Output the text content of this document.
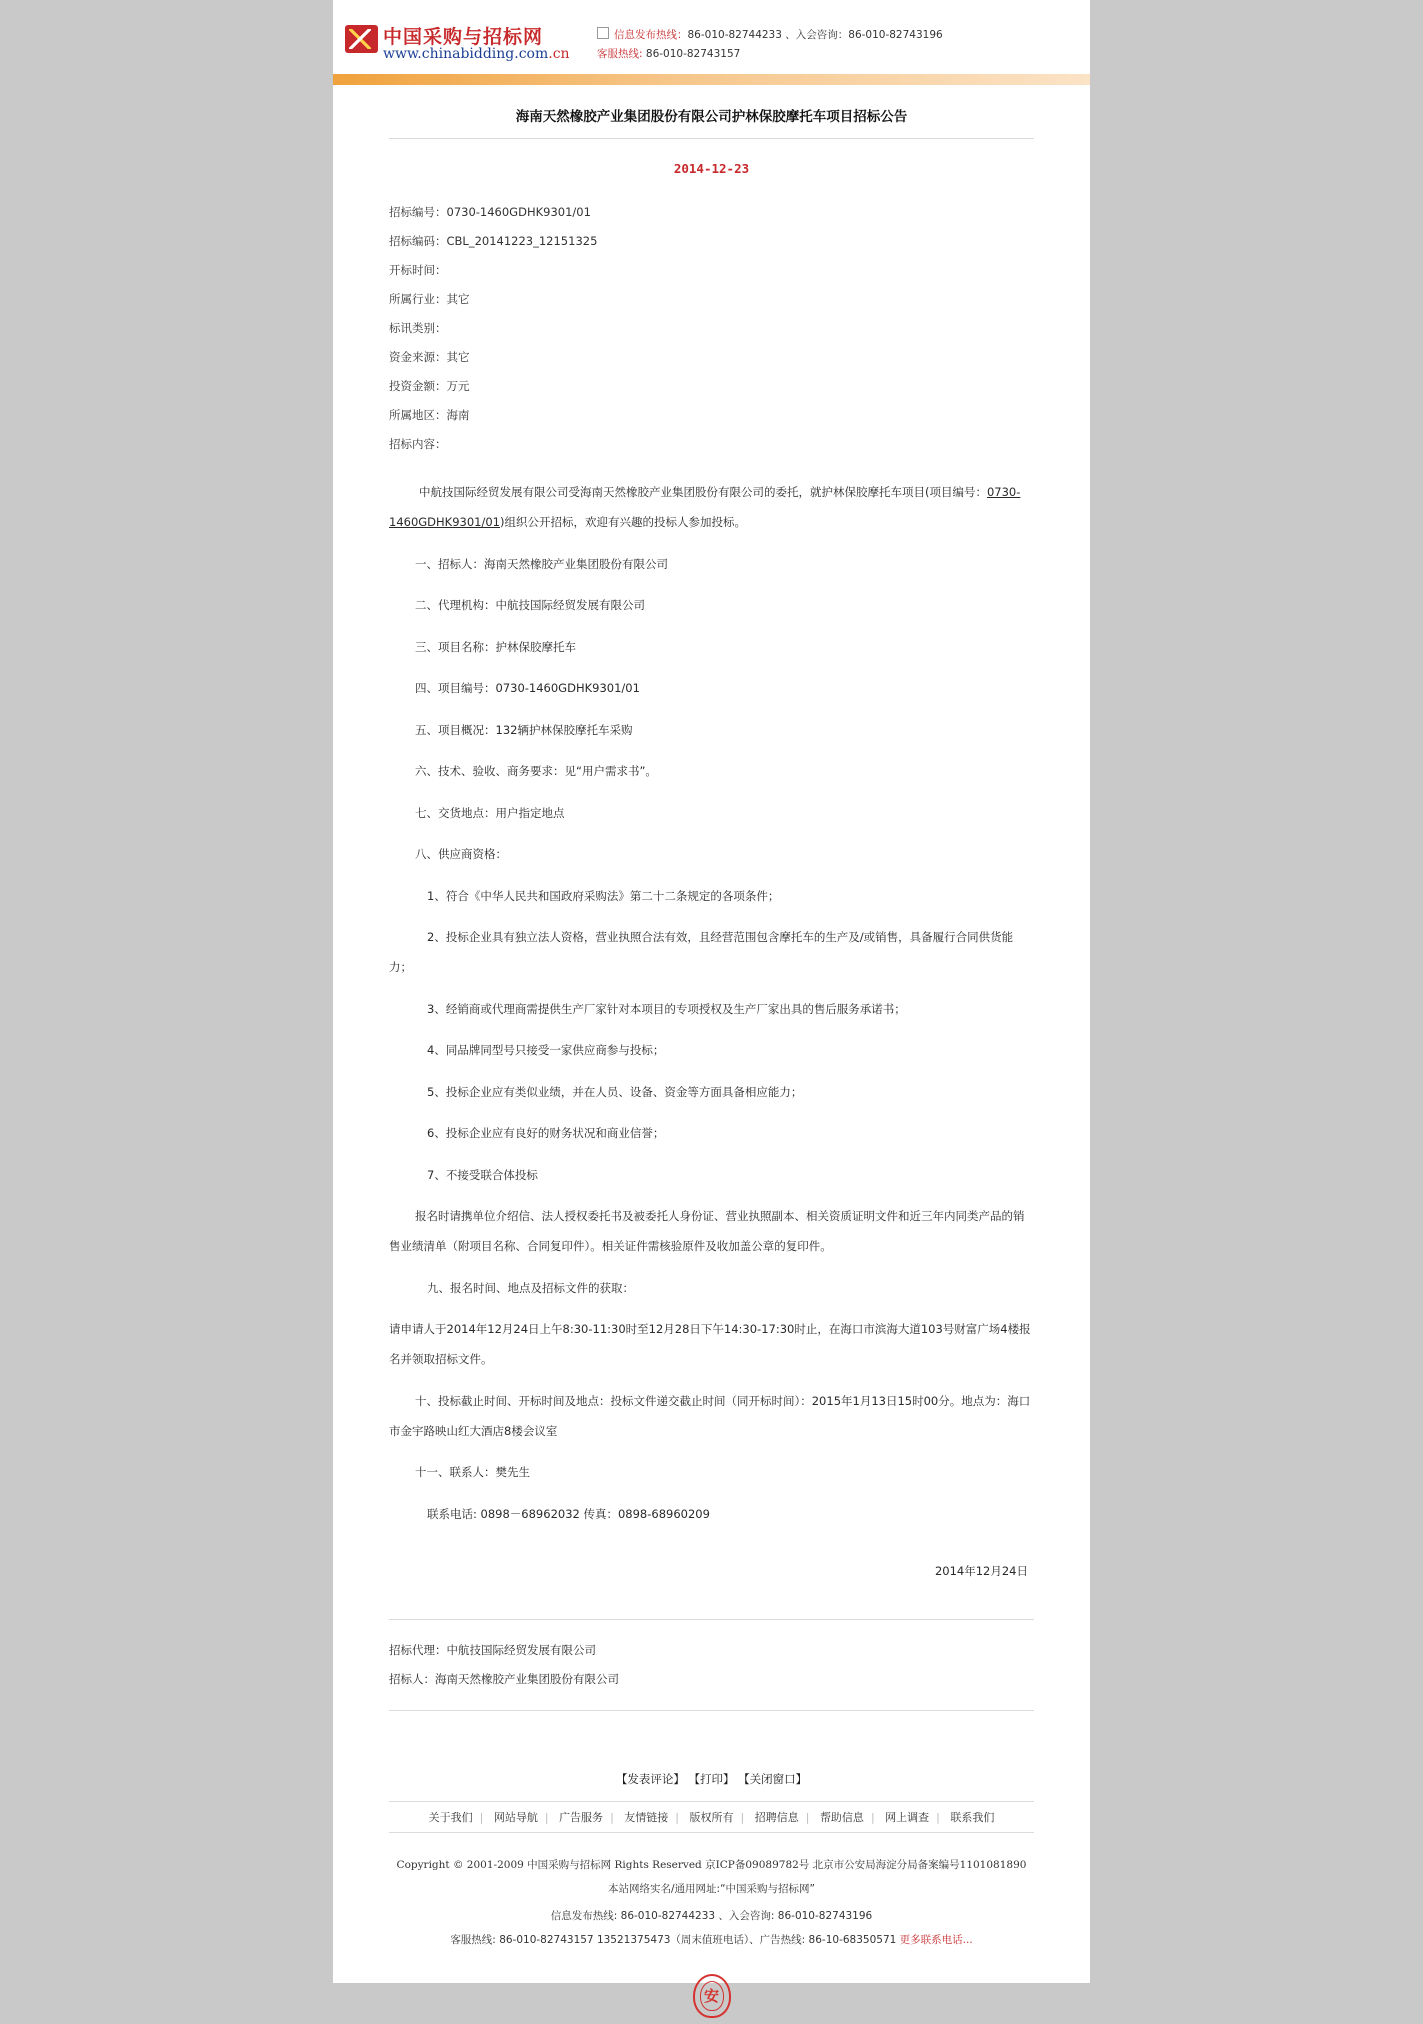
中国采购与招标网
www.chinabidding.com.cn
信息发布热线：86-010-82744233 、入会咨询：86-010-82743196
客服热线: 86-010-82743157
海南天然橡胶产业集团股份有限公司护林保胶摩托车项目招标公告
2014-12-23
招标编号：0730-1460GDHK9301/01
招标编码：CBL_20141223_12151325
开标时间：
所属行业：其它
标讯类别：
资金来源：其它
投资金额：万元
所属地区：海南
招标内容：

中航技国际经贸发展有限公司受海南天然橡胶产业集团股份有限公司的委托，就护林保胶摩托车项目(项目编号：0730-1460GDHK9301/01)组织公开招标，欢迎有兴趣的投标人参加投标。

一、招标人：海南天然橡胶产业集团股份有限公司

二、代理机构：中航技国际经贸发展有限公司

三、项目名称：护林保胶摩托车

四、项目编号：0730-1460GDHK9301/01

五、项目概况：132辆护林保胶摩托车采购

六、技术、验收、商务要求：见“用户需求书”。

七、交货地点：用户指定地点

八、供应商资格：

1、符合《中华人民共和国政府采购法》第二十二条规定的各项条件；

2、投标企业具有独立法人资格，营业执照合法有效，且经营范围包含摩托车的生产及/或销售，具备履行合同供货能力；

3、经销商或代理商需提供生产厂家针对本项目的专项授权及生产厂家出具的售后服务承诺书；

4、同品牌同型号只接受一家供应商参与投标；

5、投标企业应有类似业绩，并在人员、设备、资金等方面具备相应能力；

6、投标企业应有良好的财务状况和商业信誉；

7、不接受联合体投标

报名时请携单位介绍信、法人授权委托书及被委托人身份证、营业执照副本、相关资质证明文件和近三年内同类产品的销售业绩清单（附项目名称、合同复印件）。相关证件需核验原件及收加盖公章的复印件。

九、报名时间、地点及招标文件的获取：

请申请人于2014年12月24日上午8:30-11:30时至12月28日下午14:30-17:30时止，在海口市滨海大道103号财富广场4楼报名并领取招标文件。

十、投标截止时间、开标时间及地点：投标文件递交截止时间（同开标时间）：2015年1月13日15时00分。地点为：海口市金宇路映山红大酒店8楼会议室

十一、联系人：樊先生

联系电话: 0898－68962032 传真：0898-68960209

2014年12月24日
招标代理：中航技国际经贸发展有限公司
招标人：海南天然橡胶产业集团股份有限公司
【发表评论】 【打印】 【关闭窗口】
关于我们 | 网站导航 | 广告服务 | 友情链接 | 版权所有 | 招聘信息 | 帮助信息 | 网上调查 | 联系我们
Copyright © 2001-2009 中国采购与招标网 Rights Reserved 京ICP备09089782号 北京市公安局海淀分局备案编号1101081890
本站网络实名/通用网址:“中国采购与招标网”
信息发布热线: 86-010-82744233 、入会咨询: 86-010-82743196
客服热线: 86-010-82743157 13521375473（周末值班电话）、广告热线: 86-10-68350571 更多联系电话...
安
